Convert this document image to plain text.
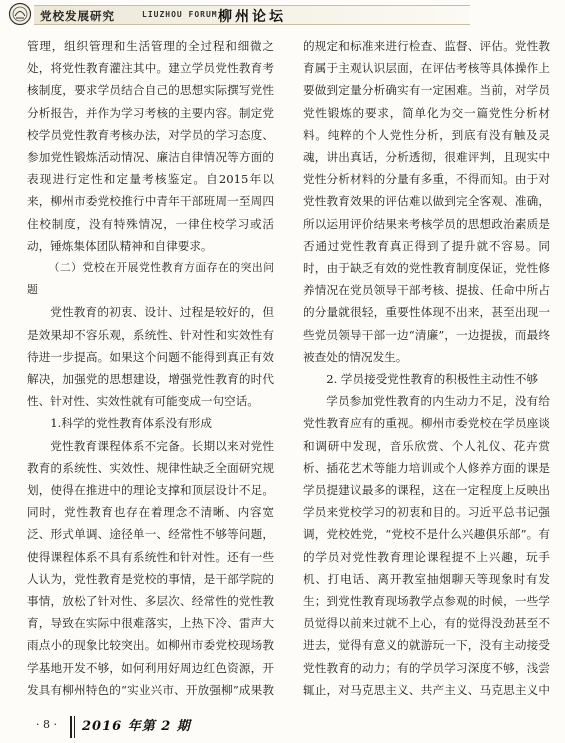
党校发展研究	LIUZHOU FORUM 柳州论坛

管理，组织管理和生活管理的全过程和细微之处，将党性教育灌注其中。建立学员党性教育考核制度，要求学员结合自己的思想实际撰写党性分析报告，并作为学习考核的主要内容。制定党校学员党性教育考核办法，对学员的学习态度、参加党性锻炼活动情况、廉洁自律情况等方面的表现进行定性和定量考核鉴定。自2015年以来，柳州市委党校推行中青年干部班周一至周四住校制度，没有特殊情况，一律住校学习或活动，锤炼集体团队精神和自律要求。

（二）党校在开展党性教育方面存在的突出问题

党性教育的初衷、设计、过程是较好的，但是效果却不容乐观，系统性、针对性和实效性有待进一步提高。如果这个问题不能得到真正有效解决，加强党的思想建设，增强党性教育的时代性、针对性、实效性就有可能变成一句空话。

1.科学的党性教育体系没有形成

党性教育课程体系不完备。长期以来对党性教育的系统性、实效性、规律性缺乏全面研究规划，使得在推进中的理论支撑和顶层设计不足。同时，党性教育也存在着理念不清晰、内容宽泛、形式单调、途径单一、经常性不够等问题，使得课程体系不具有系统性和针对性。还有一些人认为，党性教育是党校的事情，是干部学院的事情，放松了针对性、多层次、经常性的党性教育，导致在实际中很难落实，上热下冷、雷声大雨点小的现象比较突出。如柳州市委党校现场教学基地开发不够，如何利用好周边红色资源，开发具有柳州特色的“实业兴市、开放强柳”成果教

的规定和标准来进行检查、监督、评估。党性教育属于主观认识层面，在评估考核等具体操作上要做到定量分析确实有一定困难。当前，对学员党性锻炼的要求，简单化为交一篇党性分析材料。纯粹的个人党性分析，到底有没有触及灵魂，讲出真话，分析透彻，很难评判，且现实中党性分析材料的分量有多重，不得而知。由于对党性教育效果的评估难以做到完全客观、准确，所以运用评价结果来考核学员的思想政治素质是否通过党性教育真正得到了提升就不容易。同时，由于缺乏有效的党性教育制度保证，党性修养情况在党员领导干部考核、提拔、任命中所占的分量就很轻，重要性体现不出来，甚至出现一些党员领导干部一边“清廉”，一边提拔，而最终被查处的情况发生。

2. 学员接受党性教育的积极性主动性不够

学员参加党性教育的内生动力不足，没有给党性教育应有的重视。柳州市委党校在学员座谈和调研中发现，音乐欣赏、个人礼仪、花卉赏析、插花艺术等能力培训或个人修养方面的课是学员提建议最多的课程，这在一定程度上反映出学员来党校学习的初衷和目的。习近平总书记强调，党校姓党，“党校不是什么兴趣俱乐部”。有的学员对党性教育理论课程提不上兴趣，玩手机、打电话、离开教室抽烟聊天等现象时有发生；到党性教育现场教学点参观的时候，一些学员觉得以前来过就不上心，有的觉得没劲甚至不进去，觉得有意义的就游玩一下，没有主动接受党性教育的动力；有的学员学习深度不够，浅尝辄止，对马克思主义、共产主义、马克思主义中

· 8 · 2016 年第 2 期
